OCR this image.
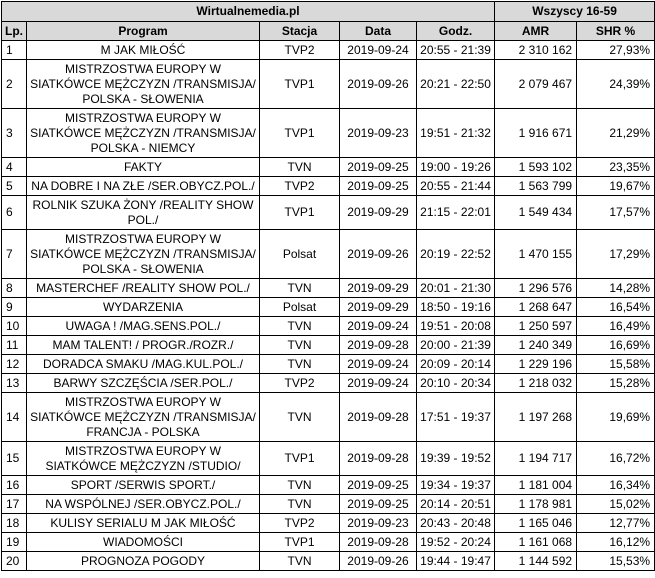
Wirtualnemedia.pl					Wszyscy 16-59	
Lp.	Program	Stacja	Data	Godz.	AMR	SHR %
1	M JAK MIŁOŚĆ	TVP2	2019-09-24	20:55 - 21:39	2 310 162	27,93%
2	MISTRZOSTWA EUROPY W SIATKÓWCE MĘŻCZYZN /TRANSMISJA/ POLSKA - SŁOWENIA	TVP1	2019-09-26	20:21 - 22:50	2 079 467	24,39%
3	MISTRZOSTWA EUROPY W SIATKÓWCE MĘŻCZYZN /TRANSMISJA/ POLSKA - NIEMCY	TVP1	2019-09-23	19:51 - 21:32	1 916 671	21,29%
4	FAKTY	TVN	2019-09-25	19:00 - 19:26	1 593 102	23,35%
5	NA DOBRE I NA ZŁE /SER.OBYCZ.POL./	TVP2	2019-09-25	20:55 - 21:44	1 563 799	19,67%
6	ROLNIK SZUKA ŻONY /REALITY SHOW POL./	TVP1	2019-09-29	21:15 - 22:01	1 549 434	17,57%
7	MISTRZOSTWA EUROPY W SIATKÓWCE MĘŻCZYZN /TRANSMISJA/ POLSKA - SŁOWENIA	Polsat	2019-09-26	20:19 - 22:52	1 470 155	17,29%
8	MASTERCHEF /REALITY SHOW POL./	TVN	2019-09-29	20:01 - 21:30	1 296 576	14,28%
9	WYDARZENIA	Polsat	2019-09-29	18:50 - 19:16	1 268 647	16,54%
10	UWAGA ! /MAG.SENS.POL./	TVN	2019-09-24	19:51 - 20:08	1 250 597	16,49%
11	MAM TALENT! / PROGR./ROZR./	TVN	2019-09-28	20:00 - 21:39	1 240 349	16,69%
12	DORADCA SMAKU /MAG.KUL.POL./	TVN	2019-09-24	20:09 - 20:14	1 229 196	15,58%
13	BARWY SZCZĘŚCIA /SER.POL./	TVP2	2019-09-24	20:10 - 20:34	1 218 032	15,28%
14	MISTRZOSTWA EUROPY W SIATKÓWCE MĘŻCZYZN /TRANSMISJA/ FRANCJA - POLSKA	TVN	2019-09-28	17:51 - 19:37	1 197 268	19,69%
15	MISTRZOSTWA EUROPY W SIATKÓWCE MĘŻCZYZN /STUDIO/	TVP1	2019-09-28	19:39 - 19:52	1 194 717	16,72%
16	SPORT /SERWIS SPORT./	TVN	2019-09-25	19:34 - 19:37	1 181 004	16,34%
17	NA WSPÓLNEJ /SER.OBYCZ.POL./	TVN	2019-09-25	20:14 - 20:51	1 178 981	15,02%
18	KULISY SERIALU M JAK MIŁOŚĆ	TVP2	2019-09-23	20:43 - 20:48	1 165 046	12,77%
19	WIADOMOŚCI	TVP1	2019-09-28	19:52 - 20:24	1 161 068	16,12%
20	PROGNOZA POGODY	TVN	2019-09-26	19:44 - 19:47	1 144 592	15,53%
